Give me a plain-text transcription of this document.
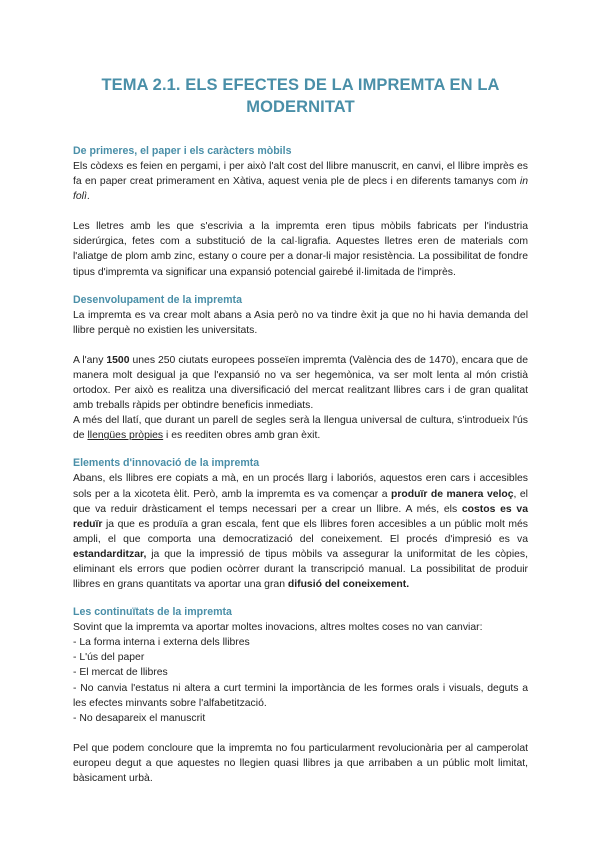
TEMA 2.1. ELS EFECTES DE LA IMPREMTA EN LA
MODERNITAT
De primeres, el paper i els caràcters mòbils

Els còdexs es feien en pergami, i per això l'alt cost del llibre manuscrit, en canvi, el llibre imprès es fa en paper creat primerament en Xàtiva, aquest venia ple de plecs i en diferents tamanys com in folì.

Les lletres amb les que s'escrivia a la impremta eren tipus mòbils fabricats per l'industria siderúrgica, fetes com a substitució de la cal·ligrafia. Aquestes lletres eren de materials com l'aliatge de plom amb zinc, estany o coure per a donar-li major resistència. La possibilitat de fondre tipus d'impremta va significar una expansió potencial gairebé il·limitada de l'imprès.

Desenvolupament de la impremta

La impremta es va crear molt abans a Asia però no va tindre èxit ja que no hi havia demanda del llibre perquè no existien les universitats.

A l'any 1500 unes 250 ciutats europees posseïen impremta (València des de 1470), encara que de manera molt desigual ja que l'expansió no va ser hegemònica, va ser molt lenta al món cristià ortodox. Per això es realitza una diversificació del mercat realitzant llibres cars i de gran qualitat amb treballs ràpids per obtindre beneficis inmediats.

A més del llatí, que durant un parell de segles serà la llengua universal de cultura, s'introdueix l'ús de llengües pròpies i es reediten obres amb gran èxit.

Elements d'innovació de la impremta

Abans, els llibres ere copiats a mà, en un procés llarg i laboriós, aquestos eren cars i accesibles sols per a la xicoteta èlit. Però, amb la impremta es va començar a produïr de manera veloç, el que va reduir dràsticament el temps necessari per a crear un llibre. A més, els costos es va reduïr ja que es produïa a gran escala, fent que els llibres foren accesibles a un públic molt més ampli, el que comporta una democratizació del coneixement. El procés d'impresió es va estandarditzar, ja que la impressió de tipus mòbils va assegurar la uniformitat de les còpies, eliminant els errors que podien ocòrrer durant la transcripció manual. La possibilitat de produir llibres en grans quantitats va aportar una gran difusió del coneixement.

Les continuïtats de la impremta

Sovint que la impremta va aportar moltes inovacions, altres moltes coses no van canviar:

- La forma interna i externa dels llibres
- L'ús del paper
- El mercat de llibres
- No canvia l'estatus ni altera a curt termini la importància de les formes orals i visuals, deguts a les efectes minvants sobre l'alfabetització.
- No desapareix el manuscrit

Pel que podem concloure que la impremta no fou particularment revolucionària per al camperolat europeu degut a que aquestes no llegien quasi llibres ja que arribaben a un públic molt limitat, bàsicament urbà.
